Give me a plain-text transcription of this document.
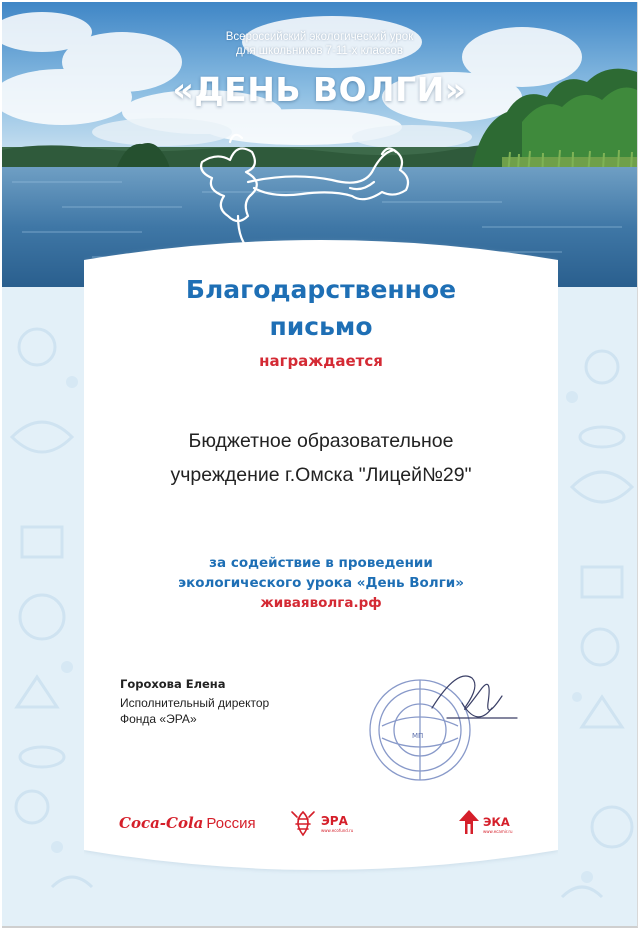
Всероссийский экологический урок
для школьников 7-11-х классов
«ДЕНЬ ВОЛГИ»
Благодарственное
письмо
награждается
Бюджетное образовательное
учреждение г.Омска "Лицей№29"
за содействие в проведении
экологического урока «День Волги»
живаяволга.рф
Горохова Елена
Исполнительный директор
Фонда «ЭРА»
МП
Coca-Cola Россия	ЭРА
www.ecofund.ru
ЭКА
www.ecamir.ru
